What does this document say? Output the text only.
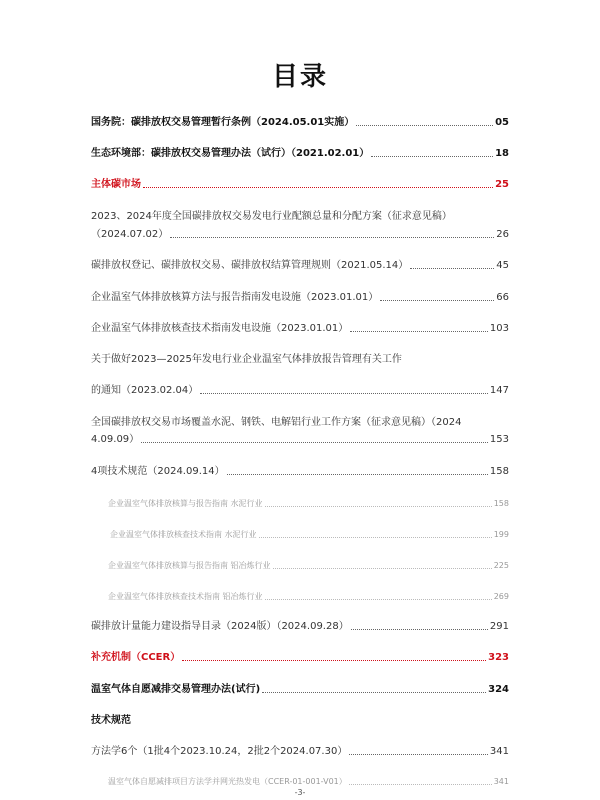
目录
国务院：碳排放权交易管理暂行条例（2024.05.01实施）	05
生态环境部：碳排放权交易管理办法（试行）（2021.02.01）	18
主体碳市场	25
2023、2024年度全国碳排放权交易发电行业配额总量和分配方案（征求意见稿）
（2024.07.02）	26
碳排放权登记、碳排放权交易、碳排放权结算管理规则（2021.05.14）	45
企业温室气体排放核算方法与报告指南发电设施（2023.01.01）	66
企业温室气体排放核查技术指南发电设施（2023.01.01）	103
关于做好2023—2025年发电行业企业温室气体排放报告管理有关工作
的通知（2023.02.04）	147
全国碳排放权交易市场覆盖水泥、钢铁、电解铝行业工作方案（征求意见稿）（2024
4.09.09）	153
4项技术规范（2024.09.14）	158
企业温室气体排放核算与报告指南 水泥行业	158
企业温室气体排放核查技术指南 水泥行业	199
企业温室气体排放核算与报告指南 铝冶炼行业	225
企业温室气体排放核查技术指南 铝冶炼行业	269
碳排放计量能力建设指导目录（2024版）（2024.09.28）	291
补充机制（CCER）	323
温室气体自愿减排交易管理办法(试行)	324
技术规范
方法学6个（1批4个2023.10.24，2批2个2024.07.30）	341
温室气体自愿减排项目方法学并网光热发电（CCER-01-001-V01）	341
-3-
